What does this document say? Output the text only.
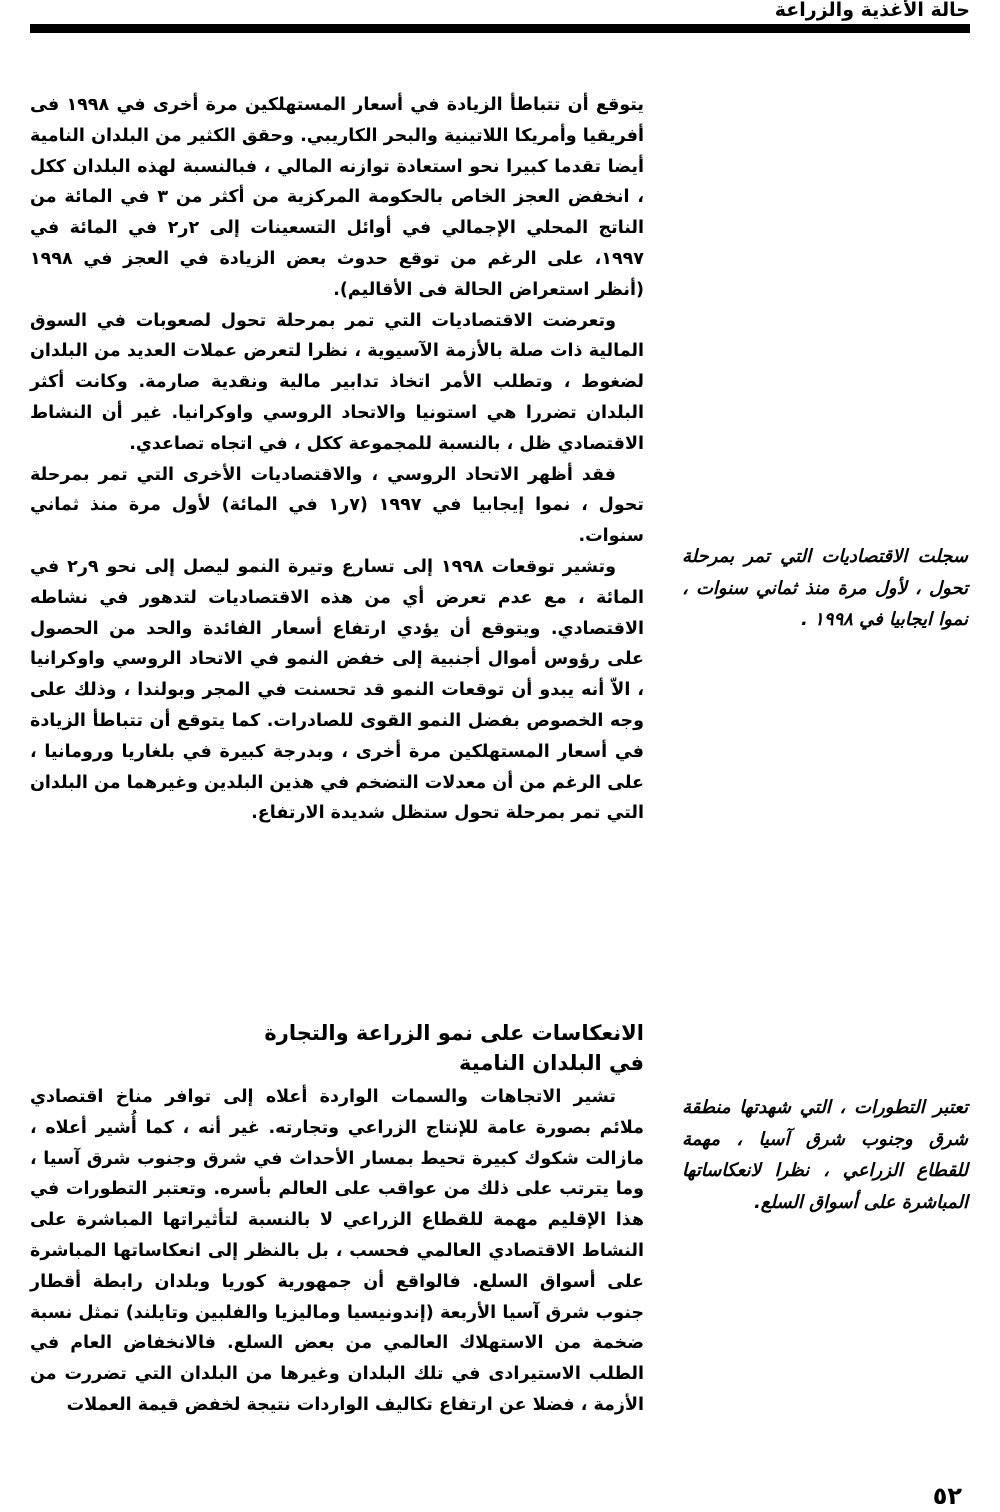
حالة الأغذية والزراعة

يتوقع أن تتباطأ الزيادة في أسعار المستهلكين مرة أخرى في ١٩٩٨ فى أفريقيا وأمريكا اللاتينية والبحر الكاريبي. وحقق الكثير من البلدان النامية أيضا تقدما كبيرا نحو استعادة توازنه المالي ، فبالنسبة لهذه البلدان ككل ، انخفض العجز الخاص بالحكومة المركزية من أكثر من ٣ في المائة من الناتج المحلي الإجمالي في أوائل التسعينات إلى ٢ر٢ في المائة في ١٩٩٧، على الرغم من توقع حدوث بعض الزيادة في العجز في ١٩٩٨ (أنظر استعراض الحالة فى الأقاليم).

وتعرضت الاقتصاديات التي تمر بمرحلة تحول لصعوبات في السوق المالية ذات صلة بالأزمة الآسيوية ، نظرا لتعرض عملات العديد من البلدان لضغوط ، وتطلب الأمر اتخاذ تدابير مالية ونقدية صارمة. وكانت أكثر البلدان تضررا هي استونيا والاتحاد الروسي واوكرانيا. غير أن النشاط الاقتصادي ظل ، بالنسبة للمجموعة ككل ، في اتجاه تصاعدي.

فقد أظهر الاتحاد الروسي ، والاقتصاديات الأخرى التي تمر بمرحلة تحول ، نموا إيجابيا في ١٩٩٧ (٧ر١ في المائة) لأول مرة منذ ثماني سنوات.

وتشير توقعات ١٩٩٨ إلى تسارع وتيرة النمو ليصل إلى نحو ٩ر٢ في المائة ، مع عدم تعرض أي من هذه الاقتصاديات لتدهور في نشاطه الاقتصادي. ويتوقع أن يؤدي ارتفاع أسعار الفائدة والحد من الحصول على رؤوس أموال أجنبية إلى خفض النمو في الاتحاد الروسي واوكرانيا ، الاّ أنه يبدو أن توقعات النمو قد تحسنت في المجر وبولندا ، وذلك على وجه الخصوص بفضل النمو القوى للصادرات. كما يتوقع أن تتباطأ الزيادة في أسعار المستهلكين مرة أخرى ، وبدرجة كبيرة في بلغاريا ورومانيا ، على الرغم من أن معدلات التضخم في هذين البلدين وغيرهما من البلدان التي تمر بمرحلة تحول ستظل شديدة الارتفاع.

الانعكاسات على نمو الزراعة والتجارة
في البلدان النامية

تشير الاتجاهات والسمات الواردة أعلاه إلى توافر مناخ اقتصادي ملائم بصورة عامة للإنتاج الزراعي وتجارته. غير أنه ، كما أُشير أعلاه ، مازالت شكوك كبيرة تحيط بمسار الأحداث في شرق وجنوب شرق آسيا ، وما يترتب على ذلك من عواقب على العالم بأسره. وتعتبر التطورات في هذا الإقليم مهمة للقطاع الزراعي لا بالنسبة لتأثيراتها المباشرة على النشاط الاقتصادي العالمي فحسب ، بل بالنظر إلى انعكاساتها المباشرة على أسواق السلع. فالواقع أن جمهورية كوريا وبلدان رابطة أقطار جنوب شرق آسيا الأربعة (إندونيسيا وماليزيا والفلبين وتايلند) تمثل نسبة ضخمة من الاستهلاك العالمي من بعض السلع. فالانخفاض العام في الطلب الاستيرادى في تلك البلدان وغيرها من البلدان التي تضررت من الأزمة ، فضلا عن ارتفاع تكاليف الواردات نتيجة لخفض قيمة العملات

سجلت الاقتصاديات التي تمر بمرحلة تحول ، لأول مرة منذ ثماني سنوات ، نموا ايجابيا في ١٩٩٨ .
تعتبر التطورات ، التي شهدتها منطقة شرق وجنوب شرق آسيا ، مهمة للقطاع الزراعي ، نظرا لانعكاساتها المباشرة على أسواق السلع.
٥٢
